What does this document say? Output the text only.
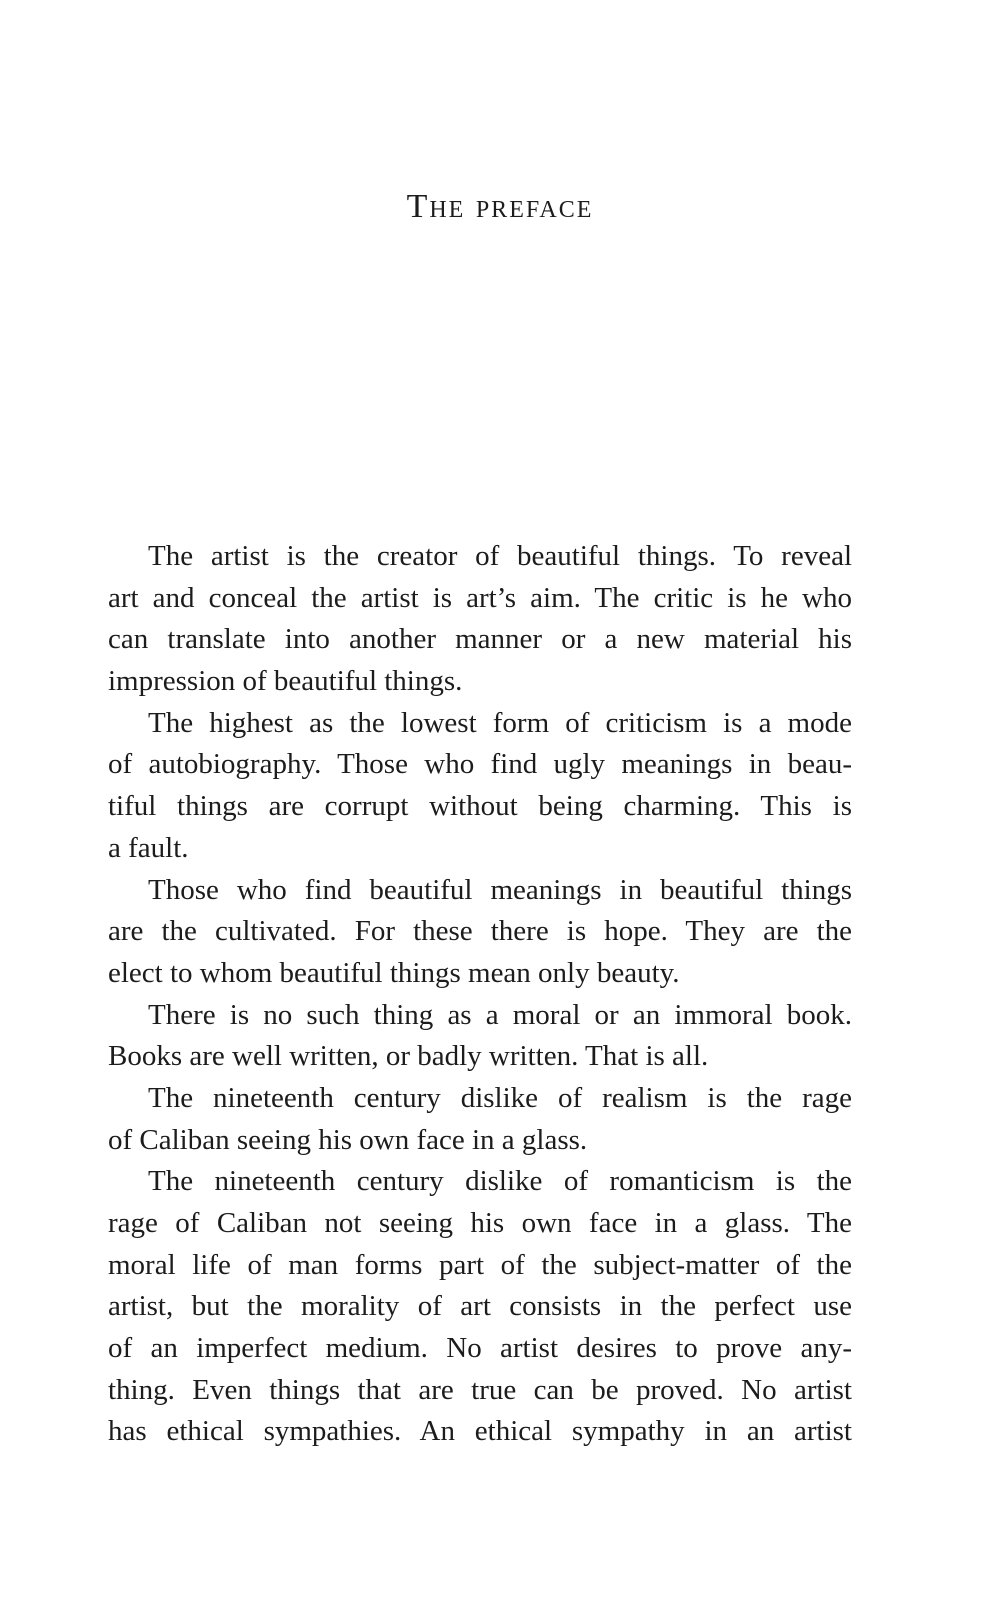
The preface
The artist is the creator of beautiful things. To reveal
art and conceal the artist is art’s aim. The critic is he who
can translate into another manner or a new material his
impression of beautiful things.
The highest as the lowest form of criticism is a mode
of autobiography. Those who find ugly meanings in beau-
tiful things are corrupt without being charming. This is
a fault.
Those who find beautiful meanings in beautiful things
are the cultivated. For these there is hope. They are the
elect to whom beautiful things mean only beauty.
There is no such thing as a moral or an immoral book.
Books are well written, or badly written. That is all.
The nineteenth century dislike of realism is the rage
of Caliban seeing his own face in a glass.
The nineteenth century dislike of romanticism is the
rage of Caliban not seeing his own face in a glass. The
moral life of man forms part of the subject-matter of the
artist, but the morality of art consists in the perfect use
of an imperfect medium. No artist desires to prove any-
thing. Even things that are true can be proved. No artist
has ethical sympathies. An ethical sympathy in an artist
